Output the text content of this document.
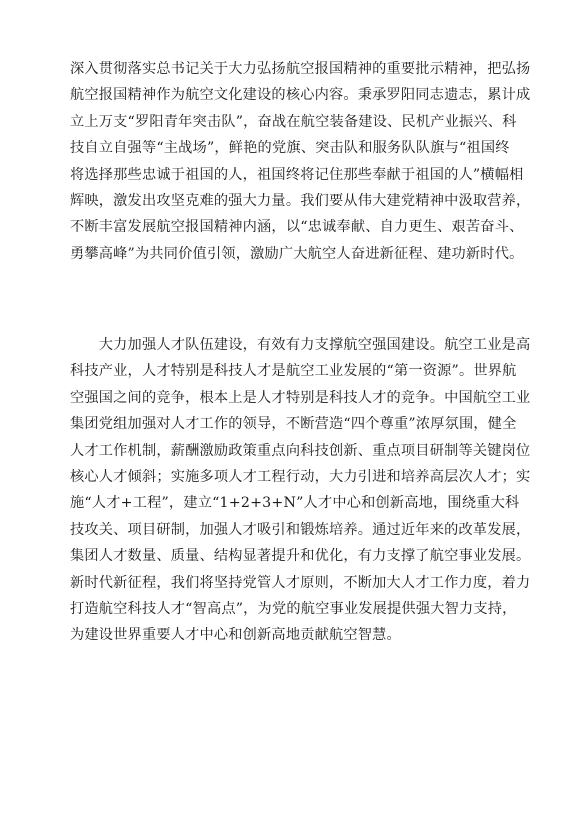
深入贯彻落实总书记关于大力弘扬航空报国精神的重要批示精神，把弘扬
航空报国精神作为航空文化建设的核心内容。秉承罗阳同志遗志，累计成
立上万支“罗阳青年突击队”，奋战在航空装备建设、民机产业振兴、科
技自立自强等“主战场”，鲜艳的党旗、突击队和服务队队旗与“祖国终
将选择那些忠诚于祖国的人，祖国终将记住那些奉献于祖国的人”横幅相
辉映，激发出攻坚克难的强大力量。我们要从伟大建党精神中汲取营养，
不断丰富发展航空报国精神内涵，以“忠诚奉献、自力更生、艰苦奋斗、
勇攀高峰”为共同价值引领，激励广大航空人奋进新征程、建功新时代。
　　大力加强人才队伍建设，有效有力支撑航空强国建设。航空工业是高
科技产业，人才特别是科技人才是航空工业发展的“第一资源”。世界航
空强国之间的竞争，根本上是人才特别是科技人才的竞争。中国航空工业
集团党组加强对人才工作的领导，不断营造“四个尊重”浓厚氛围，健全
人才工作机制，薪酬激励政策重点向科技创新、重点项目研制等关键岗位
核心人才倾斜；实施多项人才工程行动，大力引进和培养高层次人才；实
施“人才+工程”，建立“1+2+3+N”人才中心和创新高地，围绕重大科
技攻关、项目研制，加强人才吸引和锻炼培养。通过近年来的改革发展，
集团人才数量、质量、结构显著提升和优化，有力支撑了航空事业发展。
新时代新征程，我们将坚持党管人才原则，不断加大人才工作力度，着力
打造航空科技人才“智高点”，为党的航空事业发展提供强大智力支持，
为建设世界重要人才中心和创新高地贡献航空智慧。
